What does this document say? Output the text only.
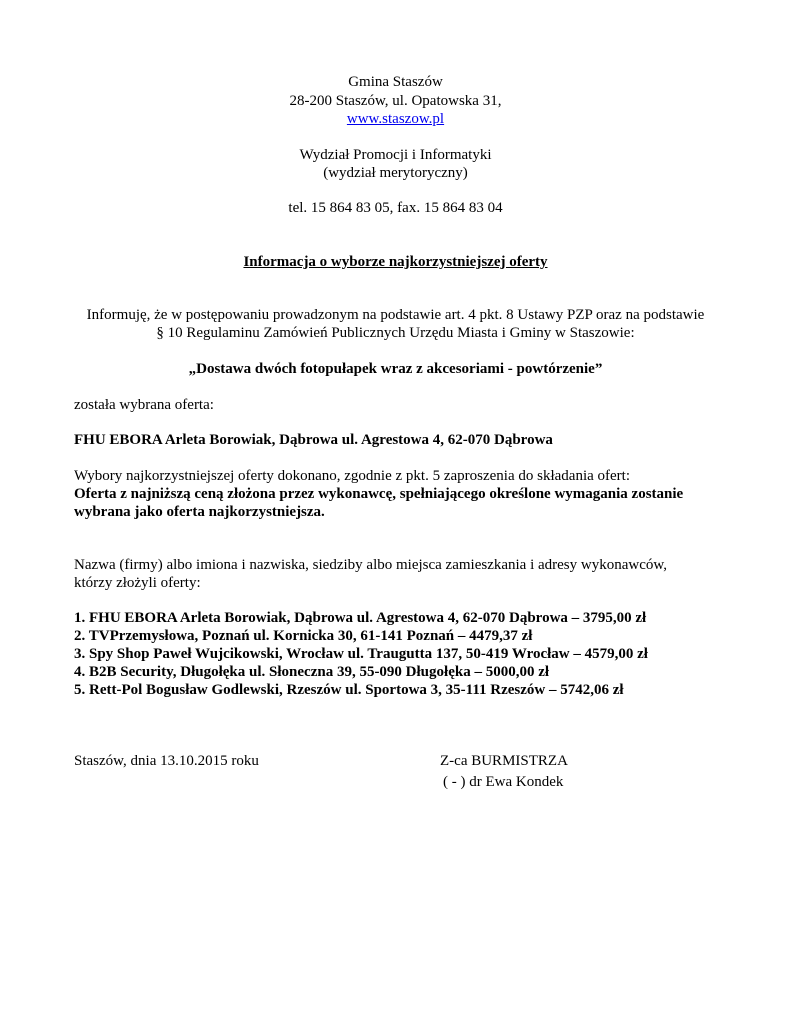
Gmina Staszów
28-200 Staszów, ul. Opatowska 31,
www.staszow.pl
Wydział Promocji i Informatyki
(wydział merytoryczny)
tel. 15 864 83 05, fax. 15 864 83 04
Informacja o wyborze najkorzystniejszej oferty
Informuję, że w postępowaniu prowadzonym na podstawie art. 4 pkt. 8 Ustawy PZP oraz na podstawie
§ 10 Regulaminu Zamówień Publicznych Urzędu Miasta i Gminy w Staszowie:
„Dostawa dwóch fotopułapek wraz z akcesoriami - powtórzenie”
została wybrana oferta:
FHU EBORA Arleta Borowiak, Dąbrowa ul. Agrestowa 4, 62-070 Dąbrowa
Wybory najkorzystniejszej oferty dokonano, zgodnie z pkt. 5 zaproszenia do składania ofert:
Oferta z najniższą ceną złożona przez wykonawcę, spełniającego określone wymagania zostanie
wybrana jako oferta najkorzystniejsza.
Nazwa (firmy) albo imiona i nazwiska, siedziby albo miejsca zamieszkania i adresy wykonawców,
którzy złożyli oferty:
1. FHU EBORA Arleta Borowiak, Dąbrowa ul. Agrestowa 4, 62-070 Dąbrowa – 3795,00 zł
2. TVPrzemysłowa, Poznań ul. Kornicka 30, 61-141 Poznań – 4479,37 zł
3. Spy Shop Paweł Wujcikowski, Wrocław ul. Traugutta 137, 50-419 Wrocław – 4579,00 zł
4. B2B Security, Długołęka ul. Słoneczna 39, 55-090 Długołęka – 5000,00 zł
5. Rett-Pol Bogusław Godlewski, Rzeszów ul. Sportowa 3, 35-111 Rzeszów – 5742,06 zł
Staszów, dnia 13.10.2015 roku	Z-ca BURMISTRZA
( - ) dr Ewa Kondek
